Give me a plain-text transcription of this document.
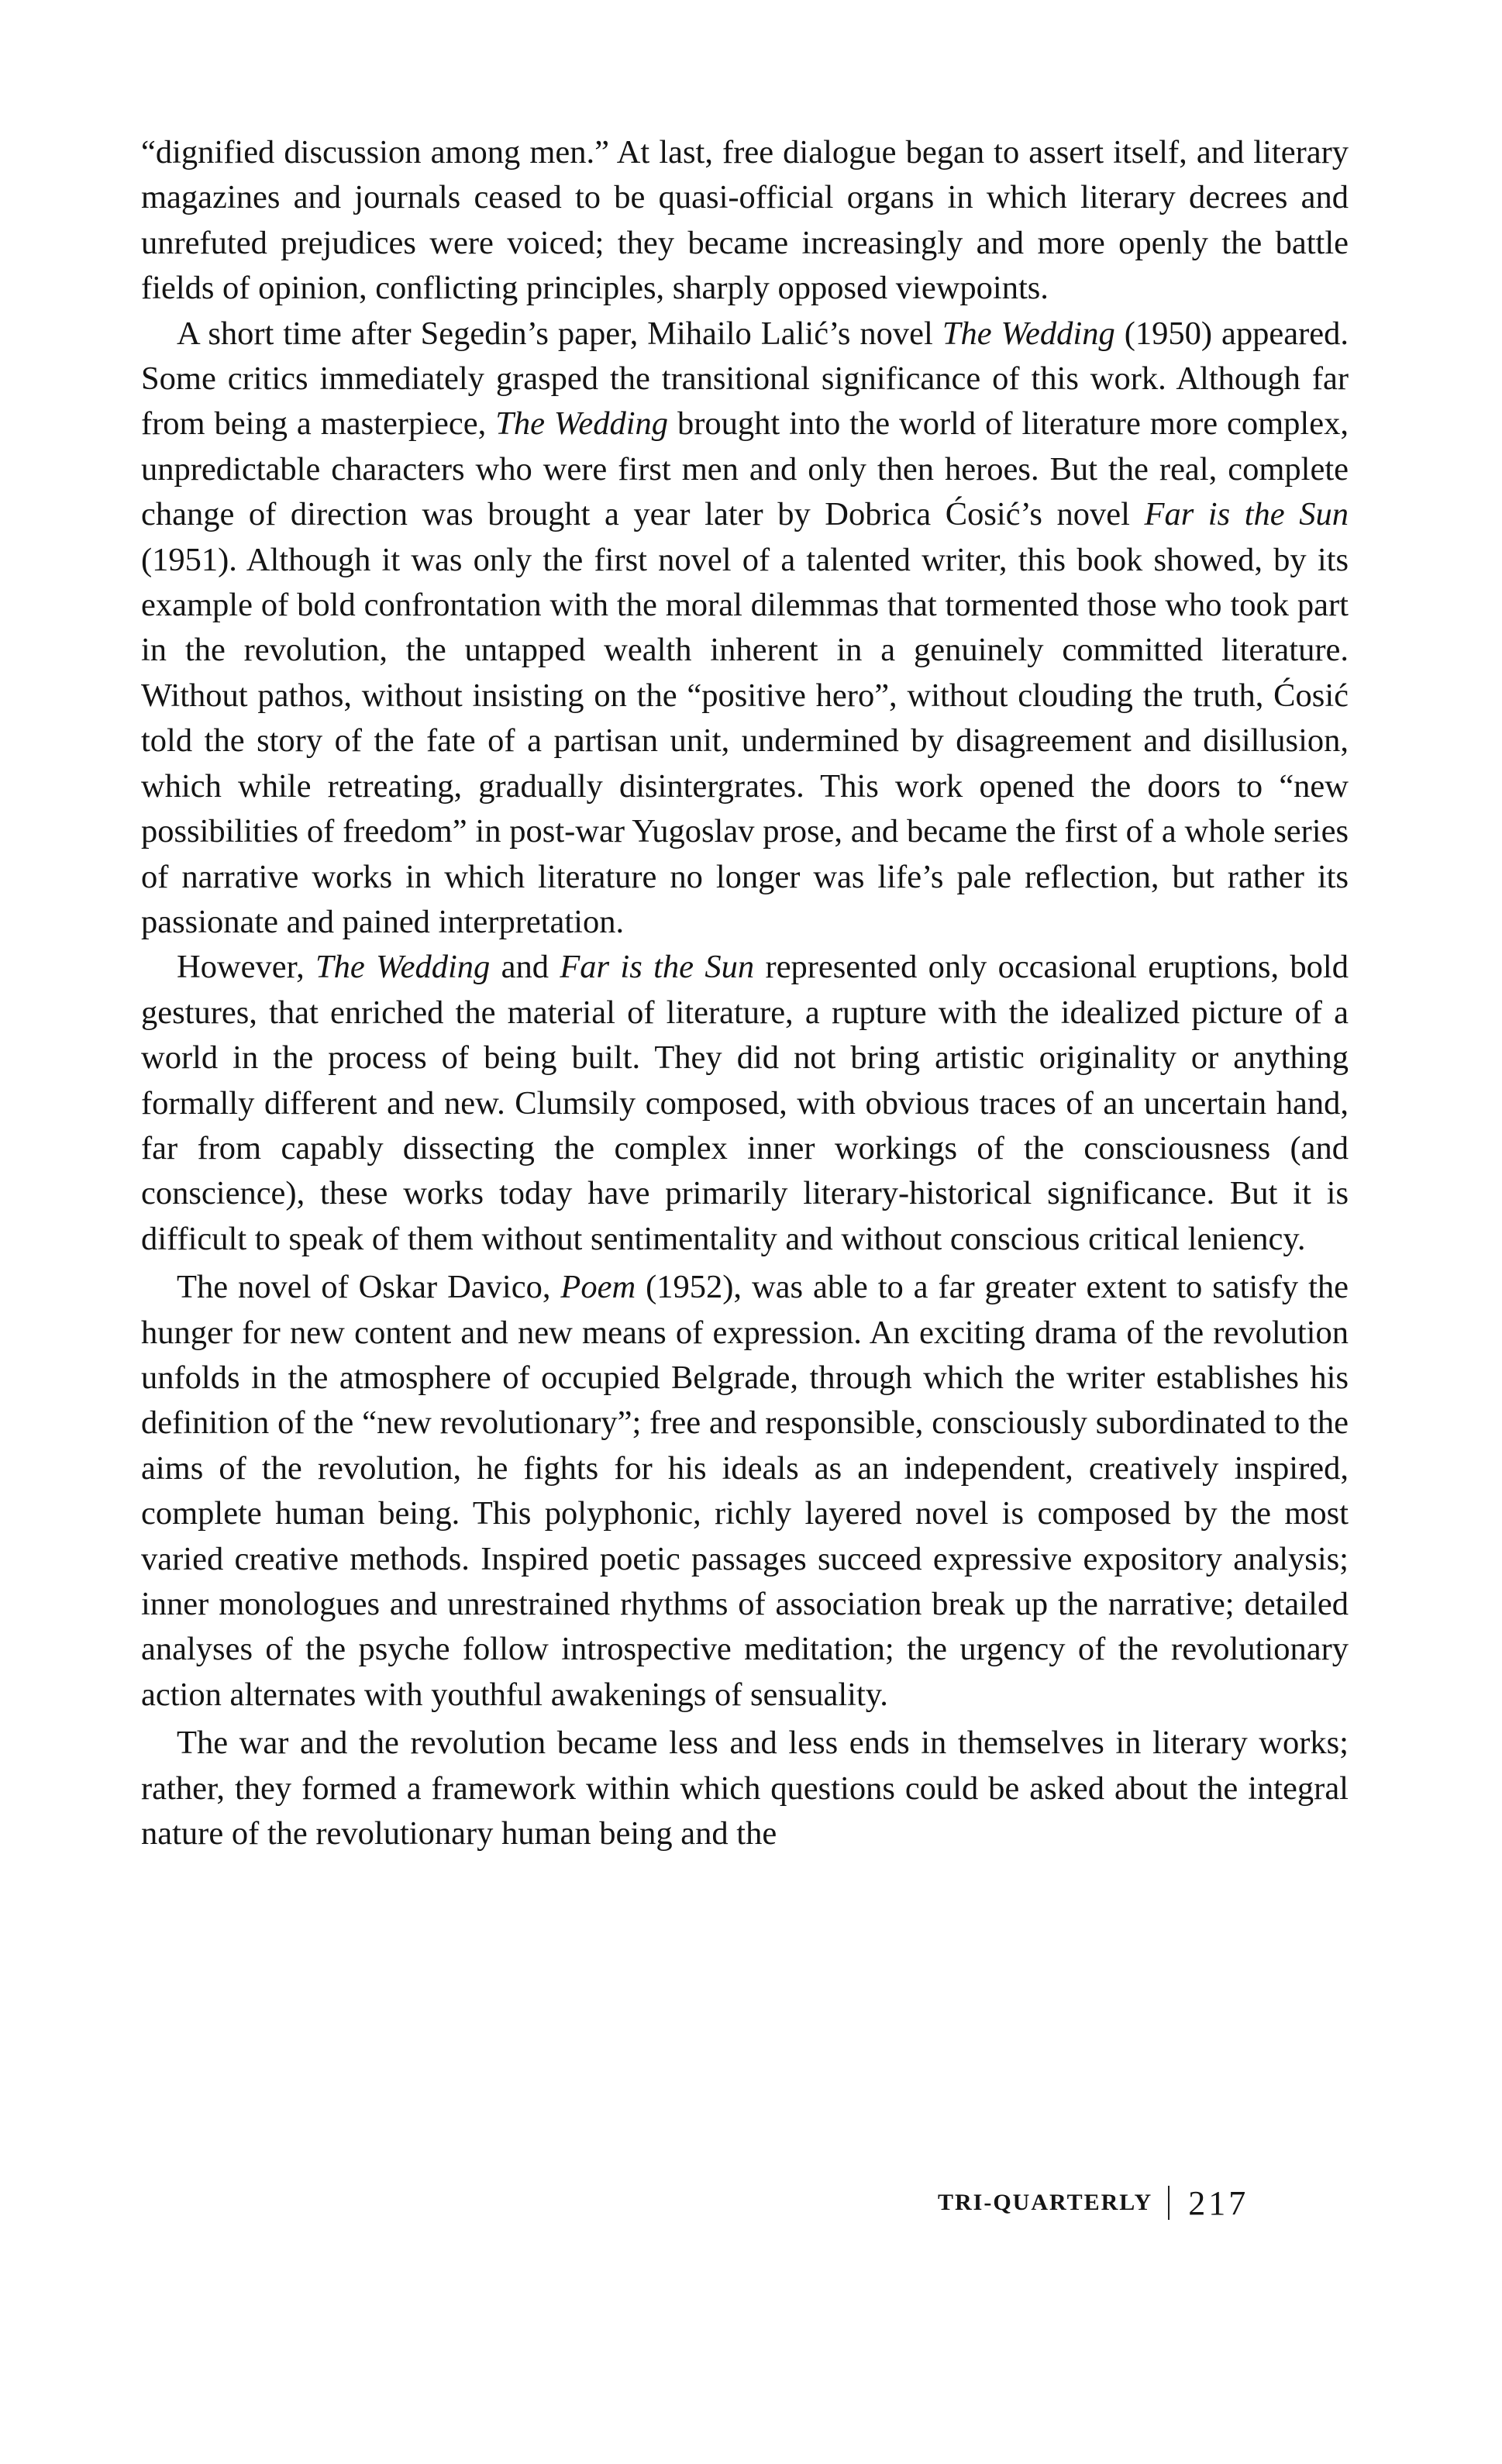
“dignified discussion among men.” At last, free dialogue began to assert itself, and literary magazines and journals ceased to be quasi-official organs in which literary decrees and unrefuted prejudices were voiced; they became increasingly and more openly the battle fields of opinion, conflicting principles, sharply opposed viewpoints.

A short time after Segedin’s paper, Mihailo Lalić’s novel The Wedding (1950) appeared. Some critics immediately grasped the transitional significance of this work. Although far from being a masterpiece, The Wedding brought into the world of literature more complex, unpredictable characters who were first men and only then heroes. But the real, complete change of direction was brought a year later by Dobrica Ćosić’s novel Far is the Sun (1951). Although it was only the first novel of a talented writer, this book showed, by its example of bold confrontation with the moral dilemmas that tormented those who took part in the revolution, the untapped wealth inherent in a genuinely committed literature. Without pathos, without insisting on the “positive hero”, without clouding the truth, Ćosić told the story of the fate of a partisan unit, undermined by disagreement and disillusion, which while retreating, gradually disintergrates. This work opened the doors to “new possibilities of freedom” in post-war Yugoslav prose, and became the first of a whole series of narrative works in which literature no longer was life’s pale reflection, but rather its passionate and pained interpretation.

However, The Wedding and Far is the Sun represented only occasional eruptions, bold gestures, that enriched the material of literature, a rupture with the idealized picture of a world in the process of being built. They did not bring artistic originality or anything formally different and new. Clumsily composed, with obvious traces of an uncertain hand, far from capably dissecting the complex inner workings of the consciousness (and conscience), these works today have primarily literary-historical significance. But it is difficult to speak of them without sentimentality and without conscious critical leniency.

The novel of Oskar Davico, Poem (1952), was able to a far greater extent to satisfy the hunger for new content and new means of expression. An exciting drama of the revolution unfolds in the atmosphere of occupied Belgrade, through which the writer establishes his definition of the “new revolutionary”; free and responsible, consciously subordinated to the aims of the revolution, he fights for his ideals as an independent, creatively inspired, complete human being. This polyphonic, richly layered novel is composed by the most varied creative methods. Inspired poetic passages succeed expressive expository analysis; inner monologues and unrestrained rhythms of association break up the narrative; detailed analyses of the psyche follow introspective meditation; the urgency of the revolutionary action alternates with youthful awakenings of sensuality.

The war and the revolution became less and less ends in themselves in literary works; rather, they formed a framework within which questions could be asked about the integral nature of the revolutionary human being and the

TRI-QUARTERLY 217
